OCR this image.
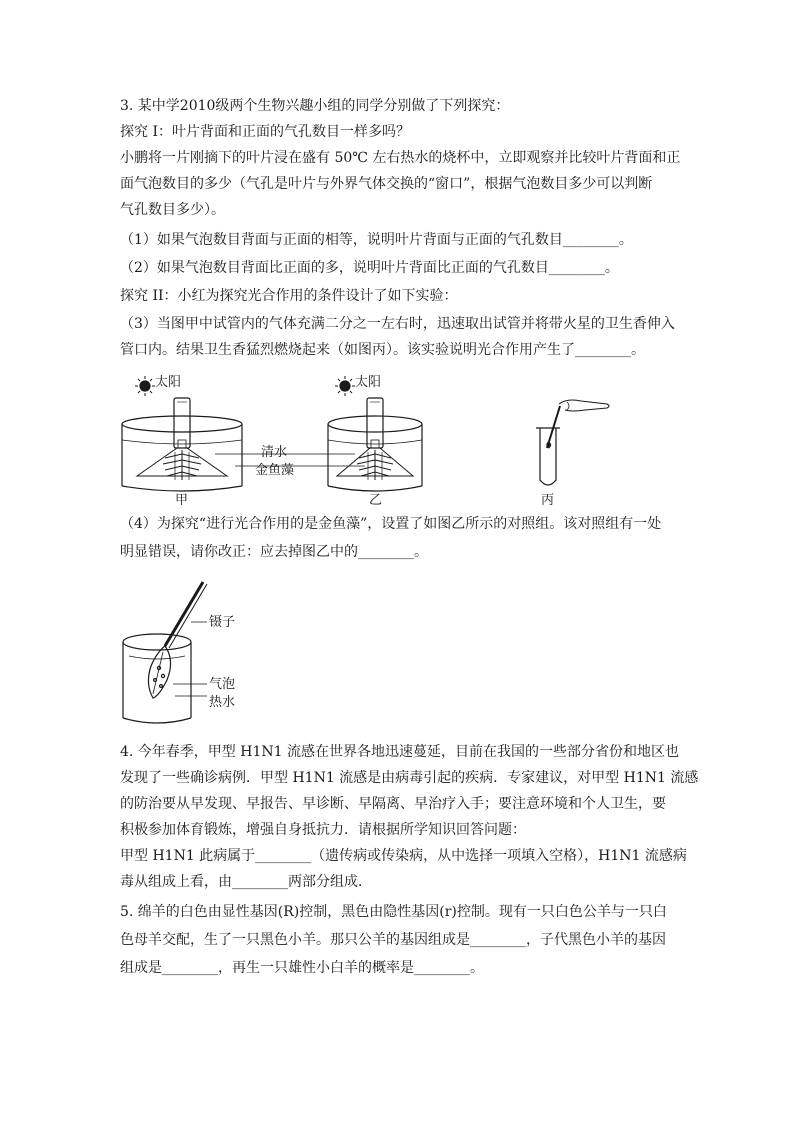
3. 某中学2010级两个生物兴趣小组的同学分别做了下列探究：
探究 I：叶片背面和正面的气孔数目一样多吗？
小鹏将一片刚摘下的叶片浸在盛有 50℃ 左右热水的烧杯中，立即观察并比较叶片背面和正
面气泡数目的多少（气孔是叶片与外界气体交换的“窗口”，根据气泡数目多少可以判断
气孔数目多少）。
（1）如果气泡数目背面与正面的相等，说明叶片背面与正面的气孔数目________。
（2）如果气泡数目背面比正面的多，说明叶片背面比正面的气孔数目________。
探究 II：小红为探究光合作用的条件设计了如下实验：
（3）当图甲中试管内的气体充满二分之一左右时，迅速取出试管并将带火星的卫生香伸入
管口内。结果卫生香猛烈燃烧起来（如图丙）。该实验说明光合作用产生了________。
太阳
甲
太阳
乙
清水
金鱼藻
丙
（4）为探究“进行光合作用的是金鱼藻”，设置了如图乙所示的对照组。该对照组有一处
明显错误，请你改正：应去掉图乙中的________。
镊子
气泡
热水
4. 今年春季，甲型 H1N1 流感在世界各地迅速蔓延，目前在我国的一些部分省份和地区也
发现了一些确诊病例．甲型 H1N1 流感是由病毒引起的疾病．专家建议，对甲型 H1N1 流感
的防治要从早发现、早报告、早诊断、早隔离、早治疗入手；要注意环境和个人卫生，要
积极参加体育锻炼，增强自身抵抗力．请根据所学知识回答问题：
甲型 H1N1 此病属于________（遗传病或传染病，从中选择一项填入空格），H1N1 流感病
毒从组成上看，由________两部分组成．
5. 绵羊的白色由显性基因(R)控制，黑色由隐性基因(r)控制。现有一只白色公羊与一只白
色母羊交配，生了一只黑色小羊。那只公羊的基因组成是________，子代黑色小羊的基因
组成是________，再生一只雄性小白羊的概率是________。
